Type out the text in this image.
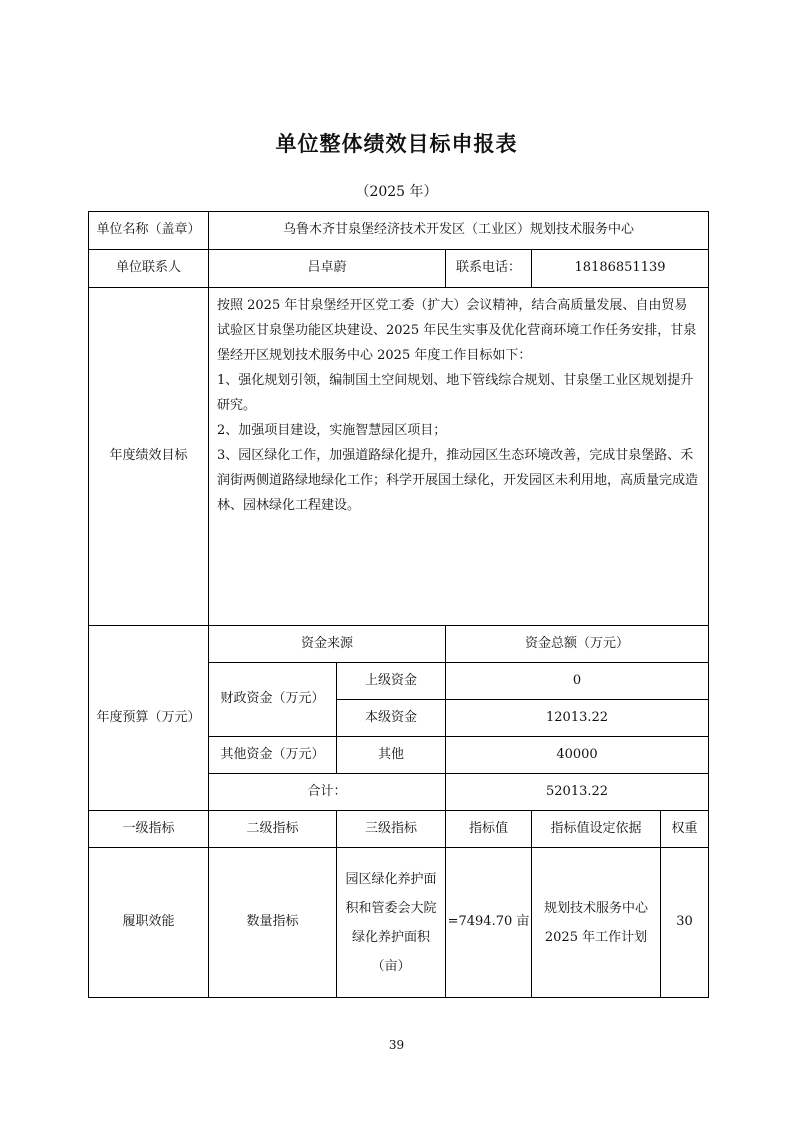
单位整体绩效目标申报表
（2025 年）
单位名称（盖章）	乌鲁木齐甘泉堡经济技术开发区（工业区）规划技术服务中心				
单位联系人	吕卓蔚		联系电话：	18186851139	
年度绩效目标	按照 2025 年甘泉堡经开区党工委（扩大）会议精神，结合高质量发展、自由贸易试验区甘泉堡功能区块建设、2025 年民生实事及优化营商环境工作任务安排，甘泉堡经开区规划技术服务中心 2025 年度工作目标如下：

1、强化规划引领，编制国土空间规划、地下管线综合规划、甘泉堡工业区规划提升研究。

2、加强项目建设，实施智慧园区项目；

3、园区绿化工作，加强道路绿化提升，推动园区生态环境改善，完成甘泉堡路、禾润街两侧道路绿地绿化工作；科学开展国土绿化，开发园区未利用地，高质量完成造林、园林绿化工程建设。				

年度预算（万元）	资金来源		资金总额（万元）		
	财政资金（万元）	上级资金	0		
		本级资金	12013.22		
	其他资金（万元）	其他	40000		
	合计：		52013.22		
一级指标	二级指标	三级指标	指标值	指标值设定依据	权重
履职效能	数量指标	园区绿化养护面积和管委会大院绿化养护面积（亩）	=7494.70 亩	规划技术服务中心 2025 年工作计划	30
39
